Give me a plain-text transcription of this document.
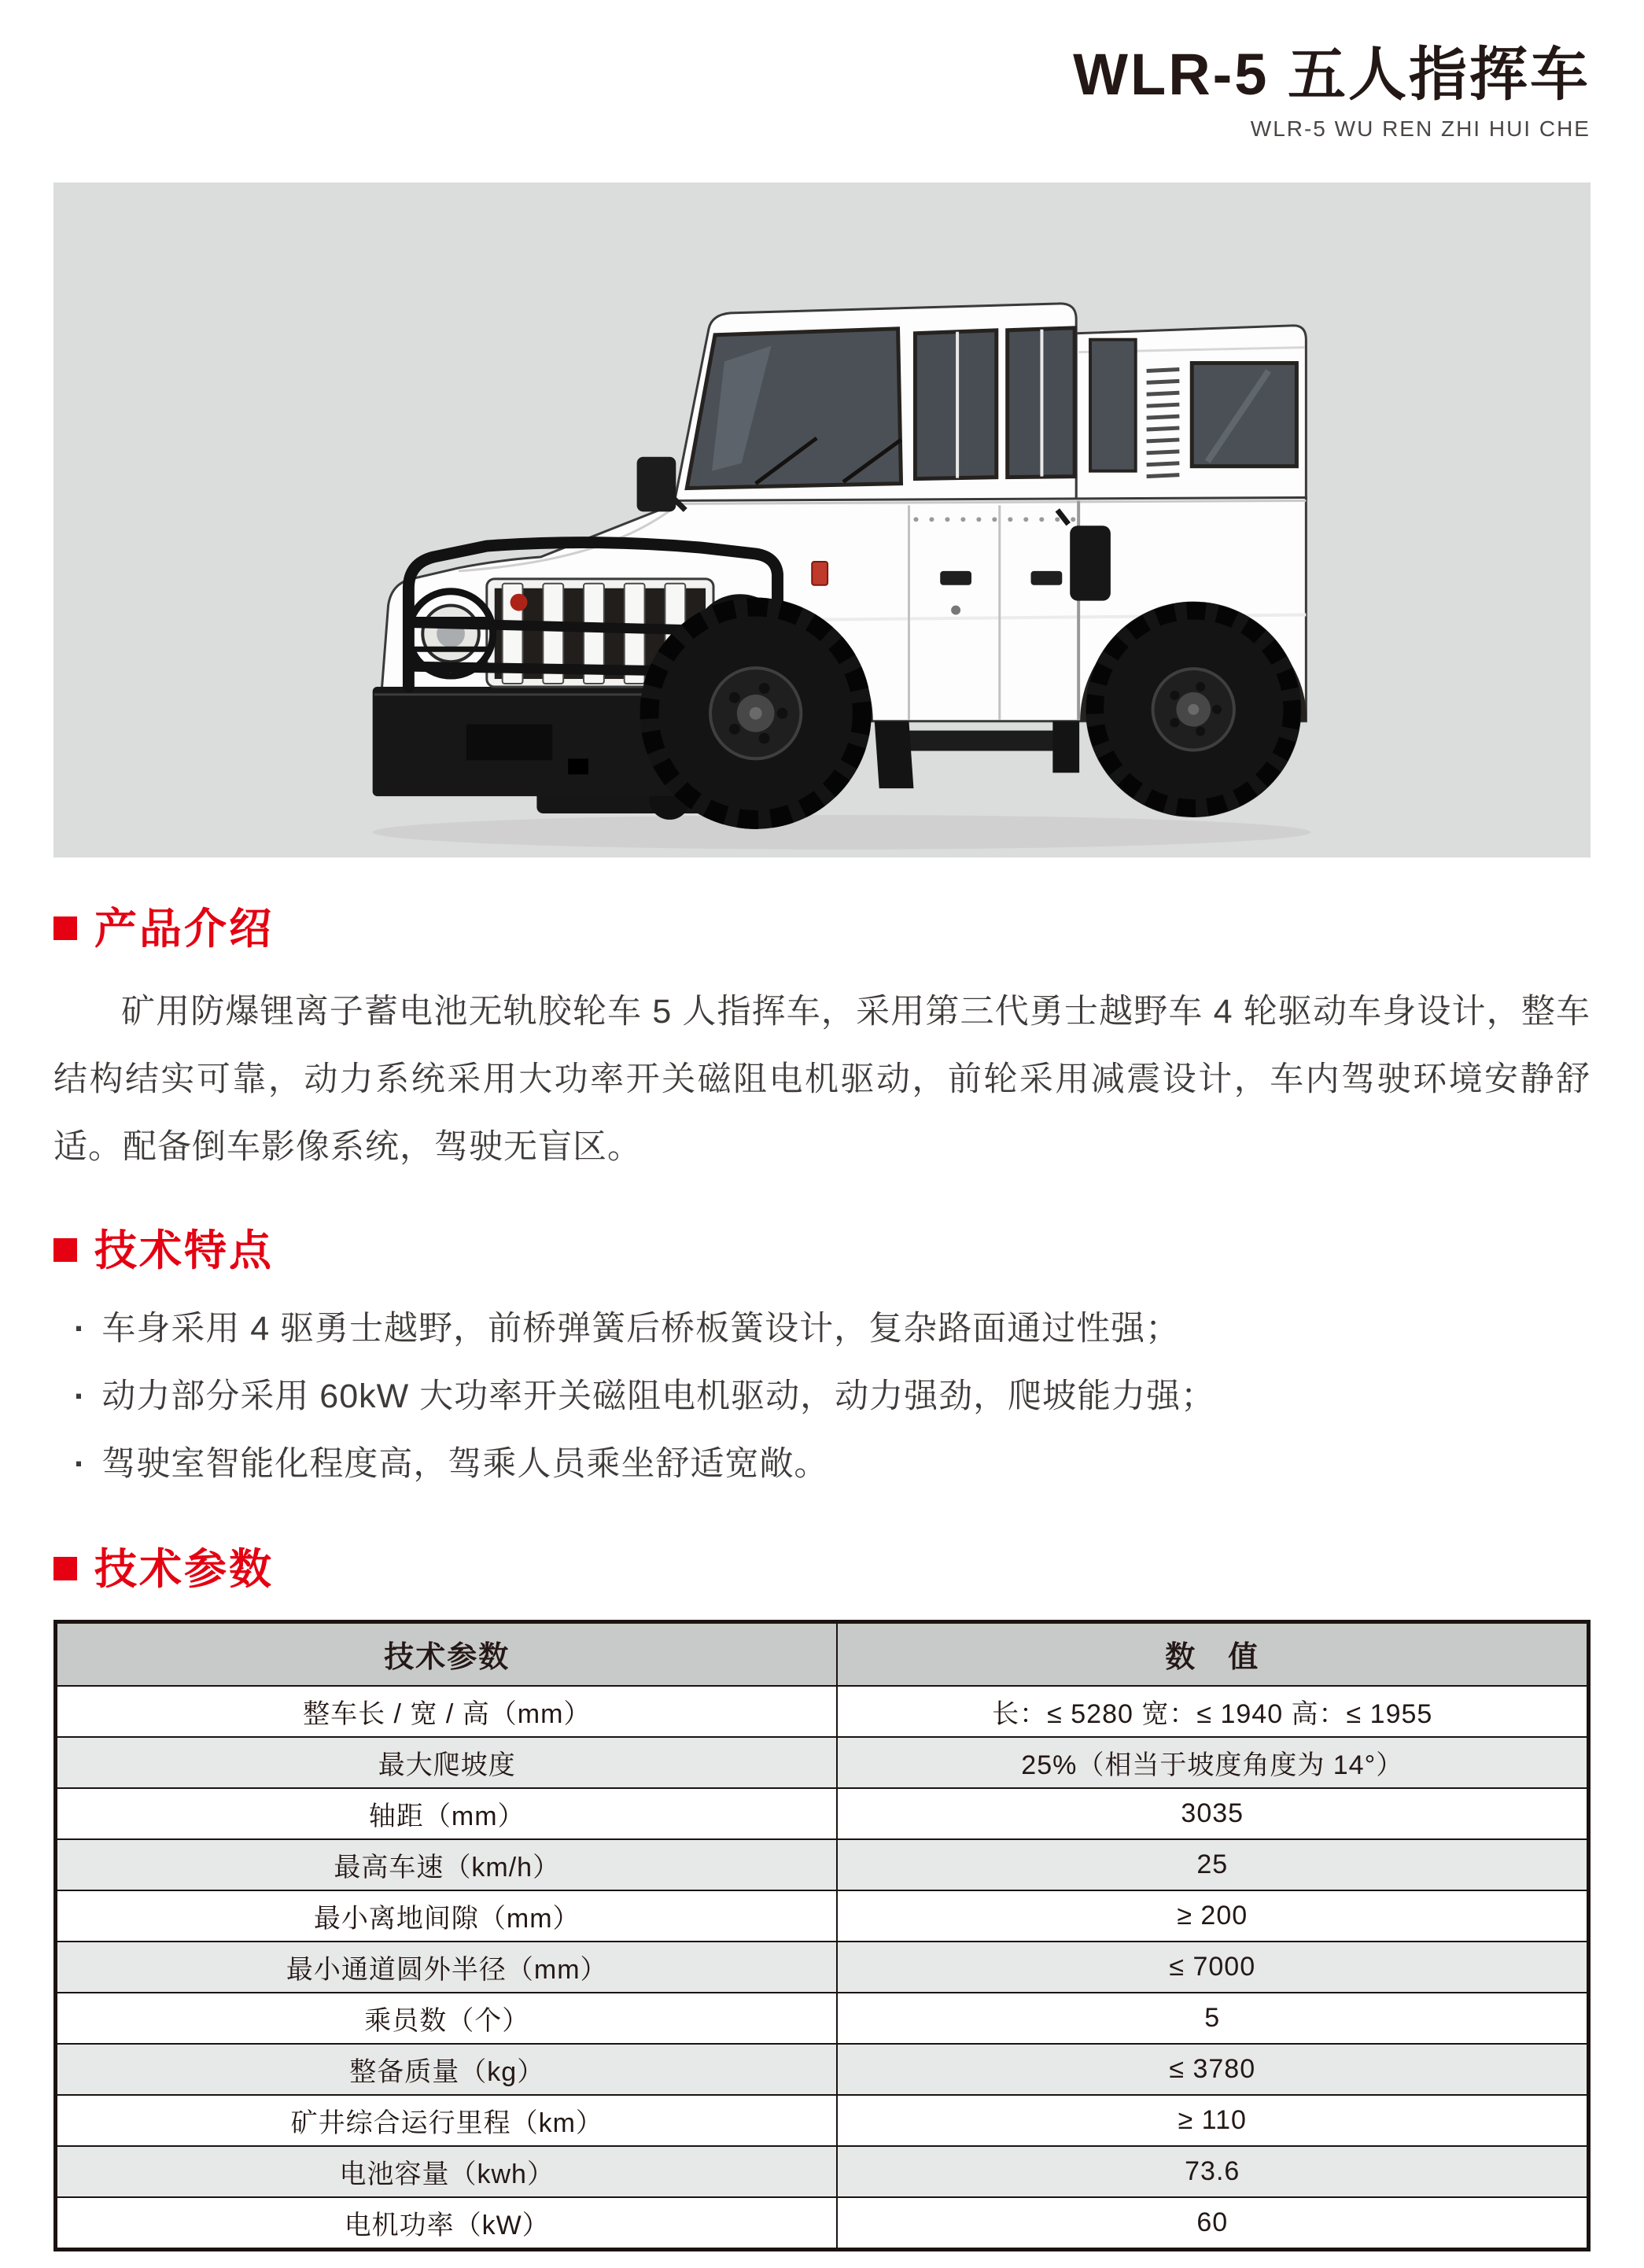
WLR-5 五人指挥车
WLR-5 WU REN ZHI HUI CHE
产品介绍

矿用防爆锂离子蓄电池无轨胶轮车 5 人指挥车，采用第三代勇士越野车 4 轮驱动车身设计，整车结构结实可靠，动力系统采用大功率开关磁阻电机驱动，前轮采用减震设计，车内驾驶环境安静舒适。配备倒车影像系统，驾驶无盲区。

技术特点
· 车身采用 4 驱勇士越野，前桥弹簧后桥板簧设计，复杂路面通过性强；
· 动力部分采用 60kW 大功率开关磁阻电机驱动，动力强劲，爬坡能力强；
· 驾驶室智能化程度高，驾乘人员乘坐舒适宽敞。
技术参数
技术参数	数　值
整车长 / 宽 / 高（mm）	长：≤ 5280 宽：≤ 1940 高：≤ 1955
最大爬坡度	25%（相当于坡度角度为 14°）
轴距（mm）	3035
最高车速（km/h）	25
最小离地间隙（mm）	≥ 200
最小通道圆外半径（mm）	≤ 7000
乘员数（个）	5
整备质量（kg）	≤ 3780
矿井综合运行里程（km）	≥ 110
电池容量（kwh）	73.6
电机功率（kW）	60
